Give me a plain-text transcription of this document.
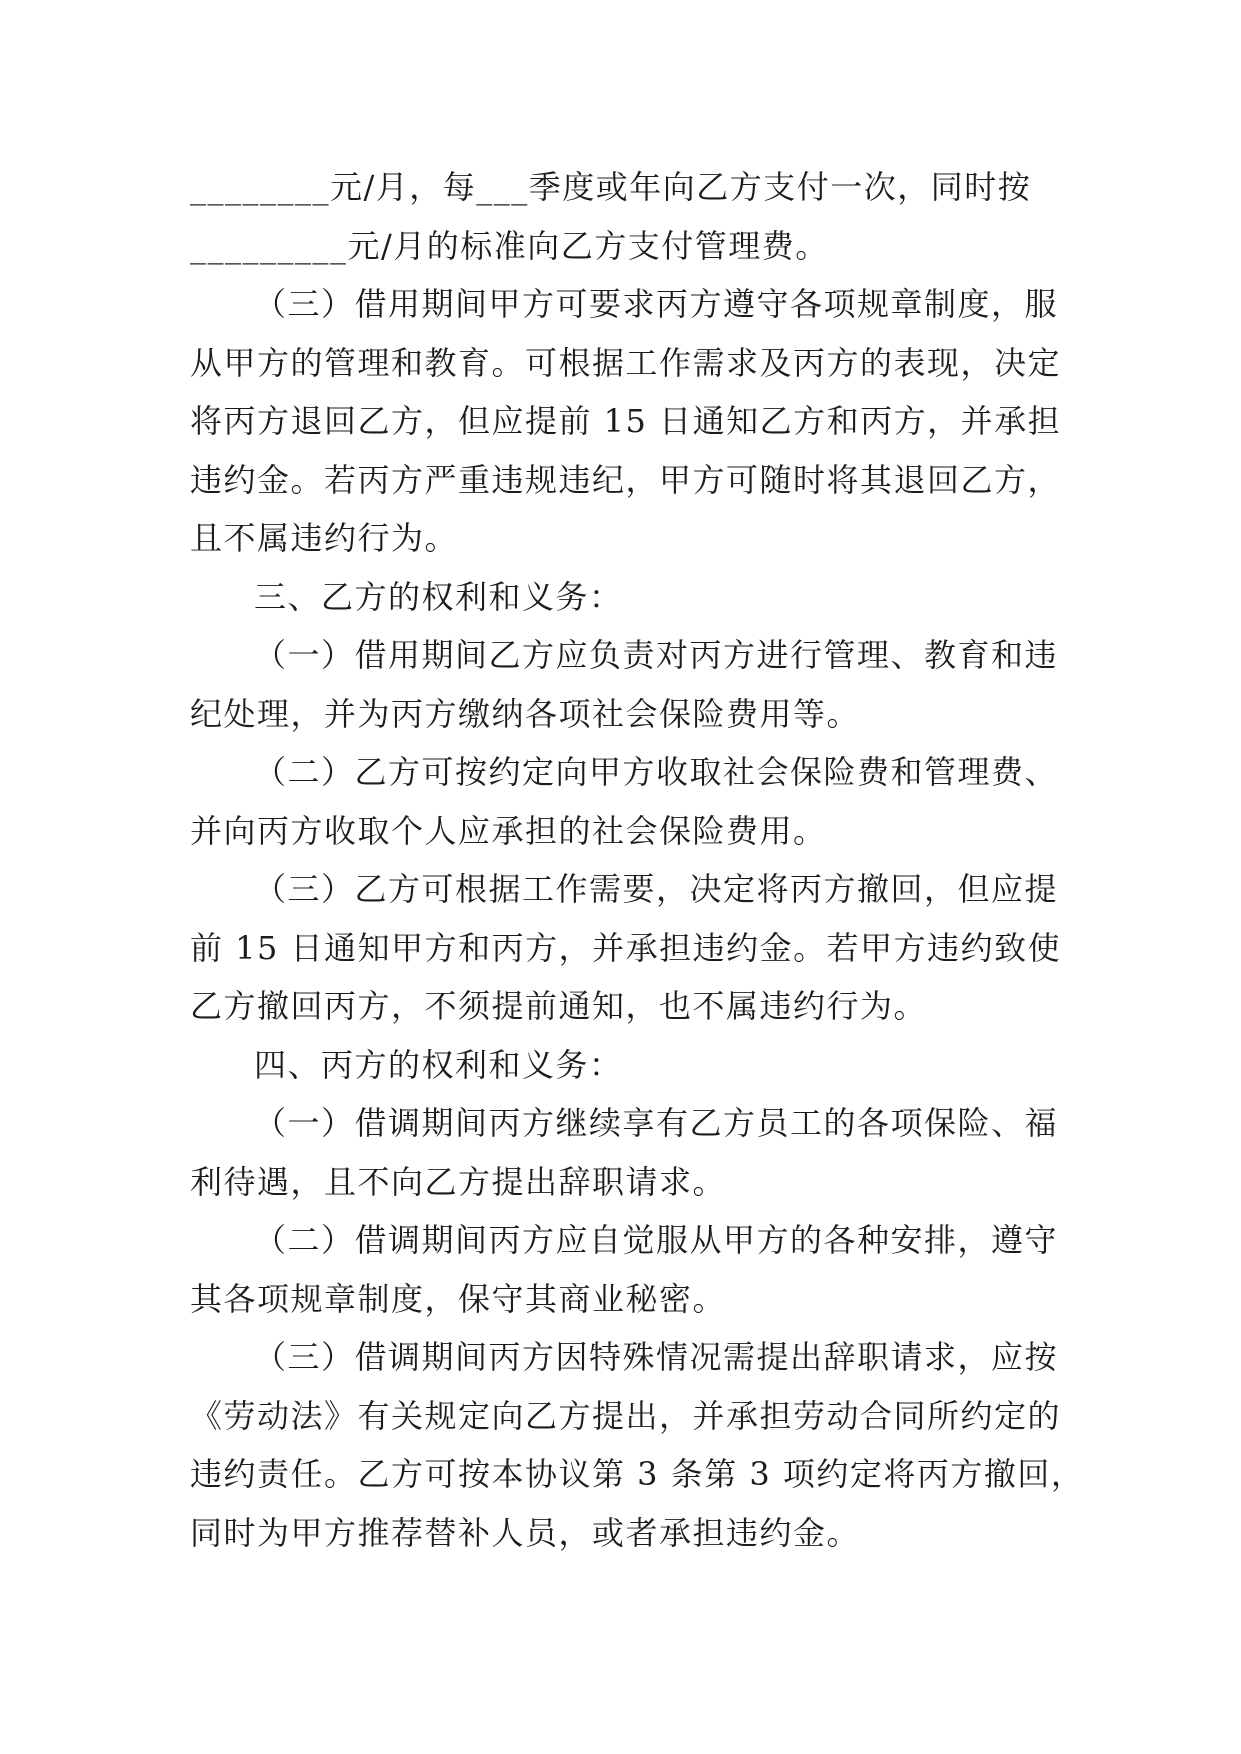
________元/月，每___季度或年向乙方支付一次，同时按
_________元/月的标准向乙方支付管理费。
（三）借用期间甲方可要求丙方遵守各项规章制度，服
从甲方的管理和教育。可根据工作需求及丙方的表现，决定
将丙方退回乙方，但应提前 15 日通知乙方和丙方，并承担
违约金。若丙方严重违规违纪，甲方可随时将其退回乙方，
且不属违约行为。
三、乙方的权利和义务：
（一）借用期间乙方应负责对丙方进行管理、教育和违
纪处理，并为丙方缴纳各项社会保险费用等。
（二）乙方可按约定向甲方收取社会保险费和管理费、
并向丙方收取个人应承担的社会保险费用。
（三）乙方可根据工作需要，决定将丙方撤回，但应提
前 15 日通知甲方和丙方，并承担违约金。若甲方违约致使
乙方撤回丙方，不须提前通知，也不属违约行为。
四、丙方的权利和义务：
（一）借调期间丙方继续享有乙方员工的各项保险、福
利待遇，且不向乙方提出辞职请求。
（二）借调期间丙方应自觉服从甲方的各种安排，遵守
其各项规章制度，保守其商业秘密。
（三）借调期间丙方因特殊情况需提出辞职请求，应按
《劳动法》有关规定向乙方提出，并承担劳动合同所约定的
违约责任。乙方可按本协议第 3 条第 3 项约定将丙方撤回，
同时为甲方推荐替补人员，或者承担违约金。
